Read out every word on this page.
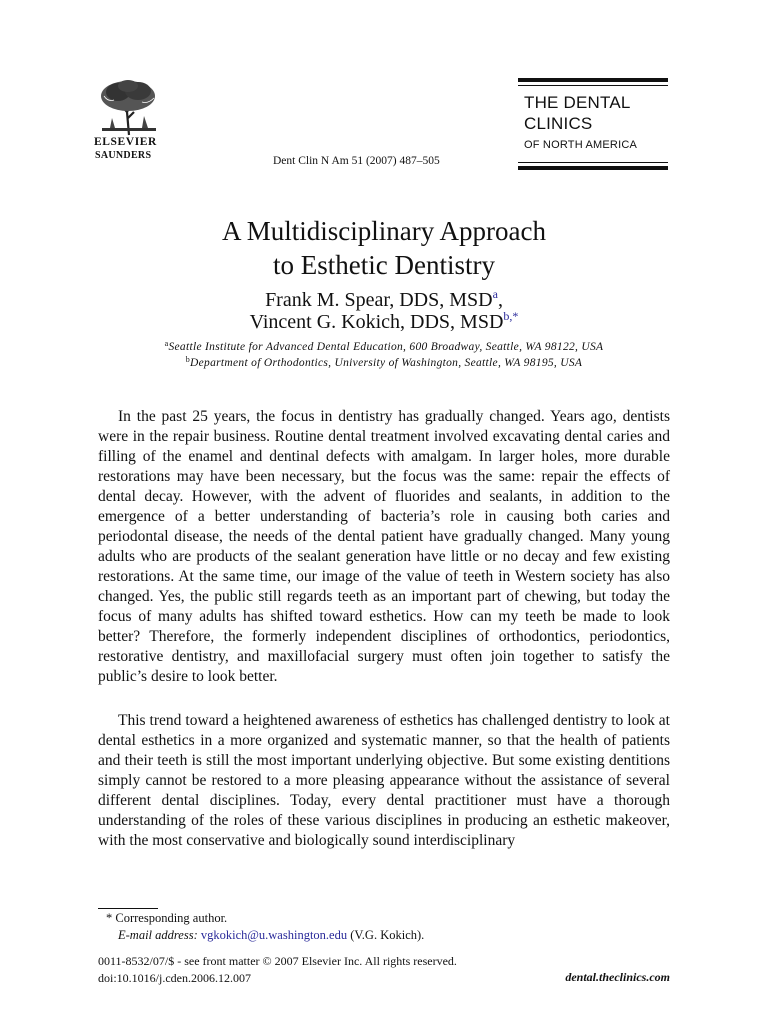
ELSEVIER
SAUNDERS	Dent Clin N Am 51 (2007) 487–505
THE DENTAL
CLINICS
OF NORTH AMERICA
A Multidisciplinary Approach
to Esthetic Dentistry
Frank M. Spear, DDS, MSD$^a$,
Vincent G. Kokich, DDS, $MSD^{b,*}$
$^a$Seattle Institute for Advanced Dental Education, 600 Broadway, Seattle, WA 98122, USA
$^b$Department of Orthodontics, University of Washington, Seattle, WA 98195, USA

In the past 25 years, the focus in dentistry has gradually changed. Years ago, dentists were in the repair business. Routine dental treatment involved excavating dental caries and filling of the enamel and dentinal defects with amalgam. In larger holes, more durable restorations may have been necessary, but the focus was the same: repair the effects of dental decay. However, with the advent of fluorides and sealants, in addition to the emergence of a better understanding of bacteria’s role in causing both caries and periodontal disease, the needs of the dental patient have gradually changed. Many young adults who are products of the sealant generation have little or no decay and few existing restorations. At the same time, our image of the value of teeth in Western society has also changed. Yes, the public still regards teeth as an important part of chewing, but today the focus of many adults has shifted toward esthetics. How can my teeth be made to look better? Therefore, the formerly independent disciplines of orthodontics, periodontics, restorative dentistry, and maxillofacial surgery must often join together to satisfy the public’s desire to look better.

This trend toward a heightened awareness of esthetics has challenged dentistry to look at dental esthetics in a more organized and systematic manner, so that the health of patients and their teeth is still the most important underlying objective. But some existing dentitions simply cannot be restored to a more pleasing appearance without the assistance of several different dental disciplines. Today, every dental practitioner must have a thorough understanding of the roles of these various disciplines in producing an esthetic makeover, with the most conservative and biologically sound interdisciplinary

* Corresponding author.
E-mail address: vgkokich@u.washington.edu (V.G. Kokich).
0011-8532/07/$ - see front matter © 2007 Elsevier Inc. All rights reserved.
doi:10.1016/j.cden.2006.12.007	dental.theclinics.com
